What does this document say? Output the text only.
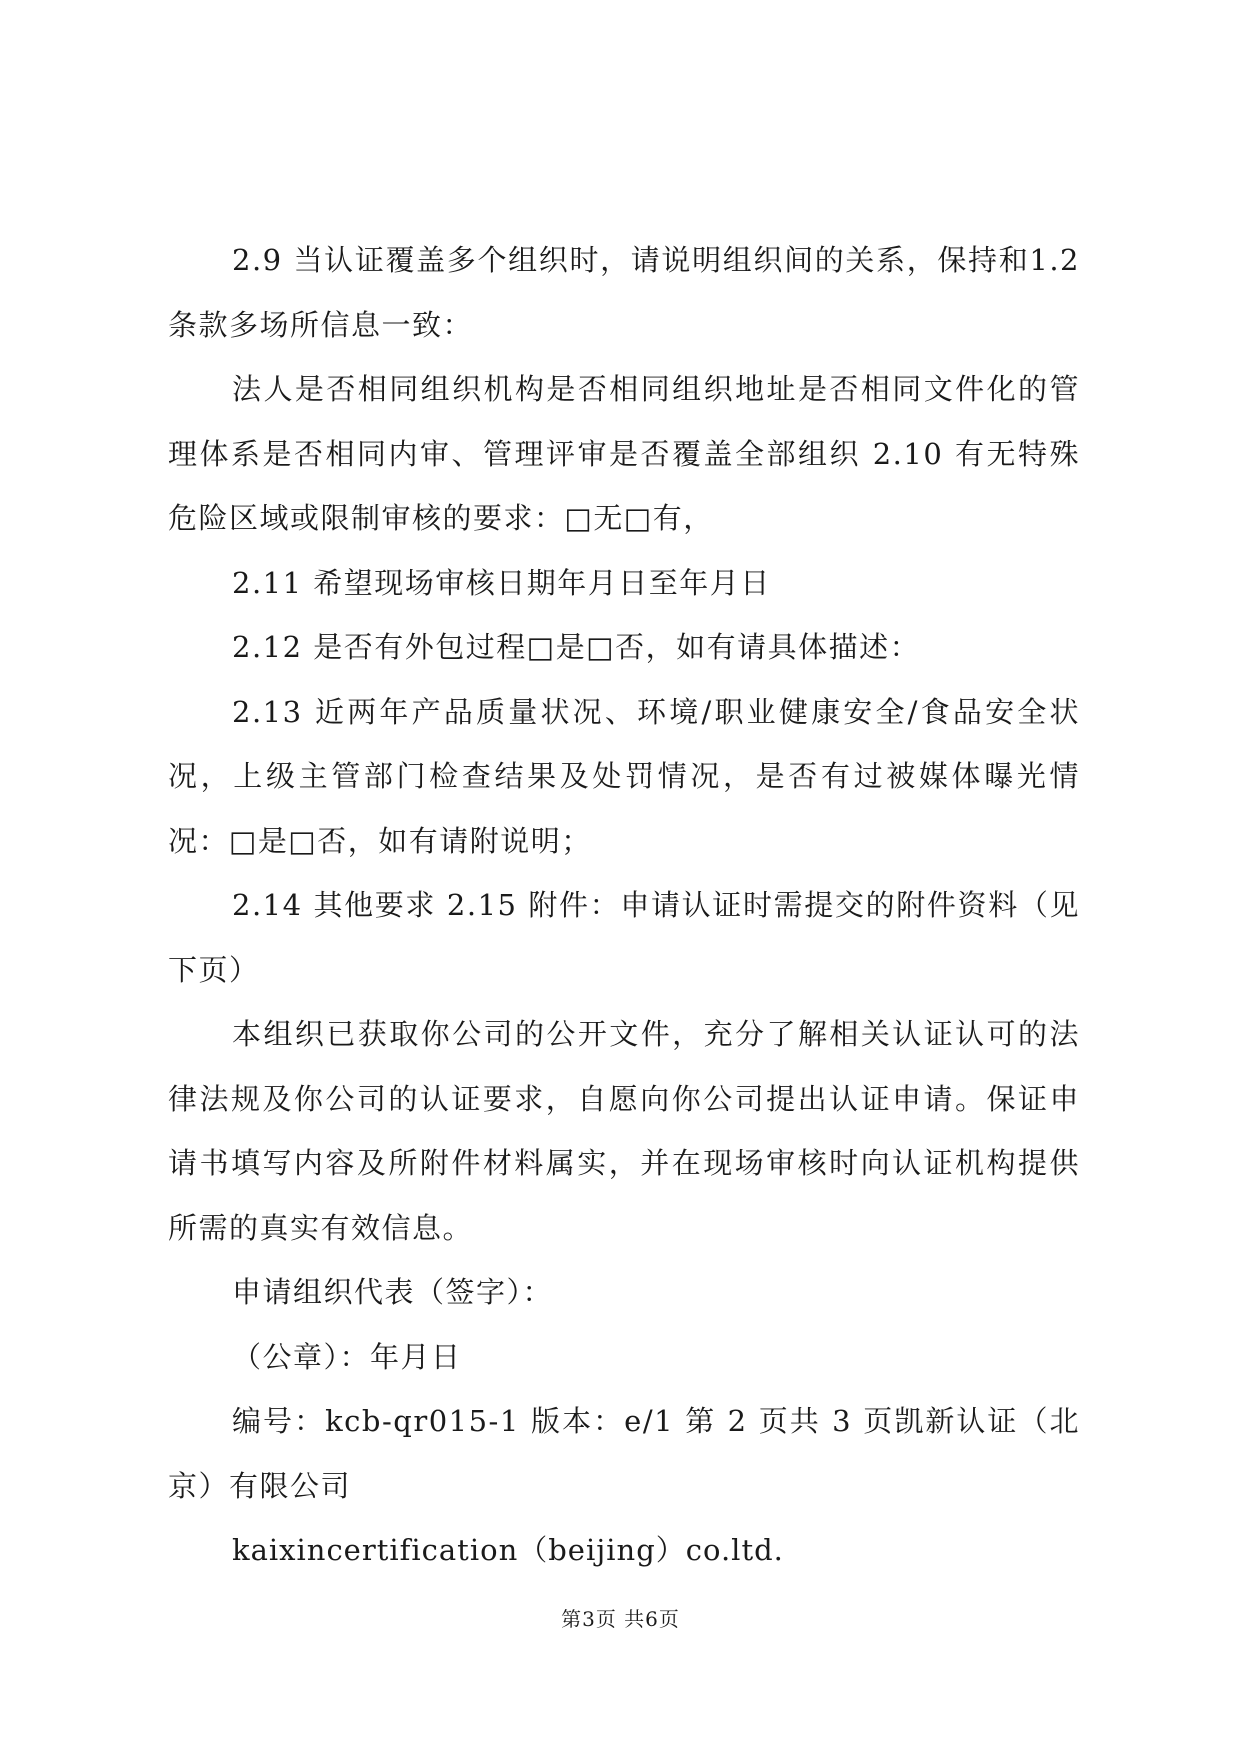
2.9 当认证覆盖多个组织时，请说明组织间的关系，保持和1.2 条款多场所信息一致：

法人是否相同组织机构是否相同组织地址是否相同文件化的管理体系是否相同内审、管理评审是否覆盖全部组织 2.10 有无特殊危险区域或限制审核的要求：□无□有，

2.11 希望现场审核日期年月日至年月日

2.12 是否有外包过程□是□否，如有请具体描述：

2.13 近两年产品质量状况、环境/职业健康安全/食品安全状况，上级主管部门检查结果及处罚情况，是否有过被媒体曝光情况：□是□否，如有请附说明；

2.14 其他要求 2.15 附件：申请认证时需提交的附件资料（见下页）

本组织已获取你公司的公开文件，充分了解相关认证认可的法律法规及你公司的认证要求，自愿向你公司提出认证申请。保证申请书填写内容及所附件材料属实，并在现场审核时向认证机构提供所需的真实有效信息。

申请组织代表（签字）：

（公章）：年月日

编号：kcb-qr015-1 版本：e/1 第 2 页共 3 页凯新认证（北京）有限公司

kaixincertification（beijing）co.ltd.

第3页 共6页
